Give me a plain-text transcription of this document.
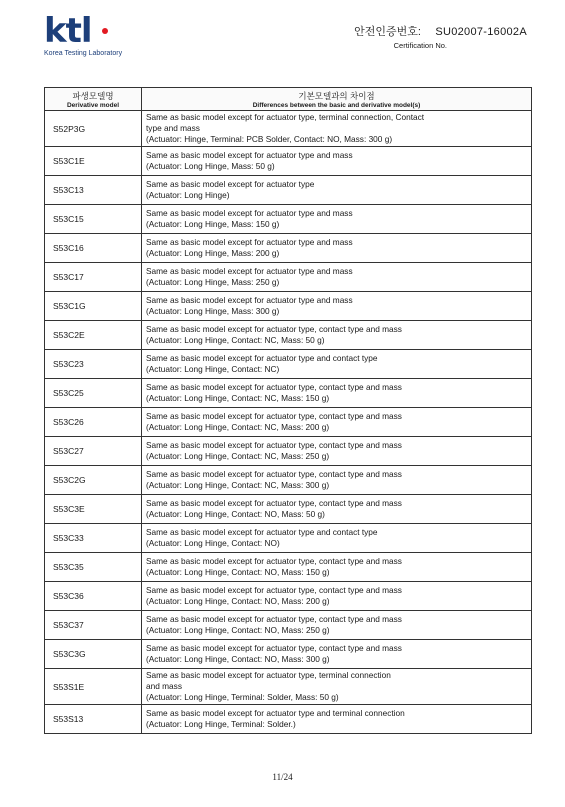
ktl
Korea Testing Laboratory
안전인증번호: SU02007-16002A
Certification No.
파생모델명
Derivative model	기본모델과의 차이점
Differences between the basic and derivative model(s)

S52P3G	Same as basic model except for actuator type, terminal connection, Contact
type and mass
(Actuator: Hinge, Terminal: PCB Solder, Contact: NO, Mass: 300 g)

S53C1E	Same as basic model except for actuator type and mass
(Actuator: Long Hinge, Mass: 50 g)

S53C13	Same as basic model except for actuator type
(Actuator: Long Hinge)

S53C15	Same as basic model except for actuator type and mass
(Actuator: Long Hinge, Mass: 150 g)

S53C16	Same as basic model except for actuator type and mass
(Actuator: Long Hinge, Mass: 200 g)

S53C17	Same as basic model except for actuator type and mass
(Actuator: Long Hinge, Mass: 250 g)

S53C1G	Same as basic model except for actuator type and mass
(Actuator: Long Hinge, Mass: 300 g)

S53C2E	Same as basic model except for actuator type, contact type and mass
(Actuator: Long Hinge, Contact: NC, Mass: 50 g)

S53C23	Same as basic model except for actuator type and contact type
(Actuator: Long Hinge, Contact: NC)

S53C25	Same as basic model except for actuator type, contact type and mass
(Actuator: Long Hinge, Contact: NC, Mass: 150 g)

S53C26	Same as basic model except for actuator type, contact type and mass
(Actuator: Long Hinge, Contact: NC, Mass: 200 g)

S53C27	Same as basic model except for actuator type, contact type and mass
(Actuator: Long Hinge, Contact: NC, Mass: 250 g)

S53C2G	Same as basic model except for actuator type, contact type and mass
(Actuator: Long Hinge, Contact: NC, Mass: 300 g)

S53C3E	Same as basic model except for actuator type, contact type and mass
(Actuator: Long Hinge, Contact: NO, Mass: 50 g)

S53C33	Same as basic model except for actuator type and contact type
(Actuator: Long Hinge, Contact: NO)

S53C35	Same as basic model except for actuator type, contact type and mass
(Actuator: Long Hinge, Contact: NO, Mass: 150 g)

S53C36	Same as basic model except for actuator type, contact type and mass
(Actuator: Long Hinge, Contact: NO, Mass: 200 g)

S53C37	Same as basic model except for actuator type, contact type and mass
(Actuator: Long Hinge, Contact: NO, Mass: 250 g)

S53C3G	Same as basic model except for actuator type, contact type and mass
(Actuator: Long Hinge, Contact: NO, Mass: 300 g)

S53S1E	Same as basic model except for actuator type, terminal connection
and mass
(Actuator: Long Hinge, Terminal: Solder, Mass: 50 g)

S53S13	Same as basic model except for actuator type and terminal connection
(Actuator: Long Hinge, Terminal: Solder.)
11/24
